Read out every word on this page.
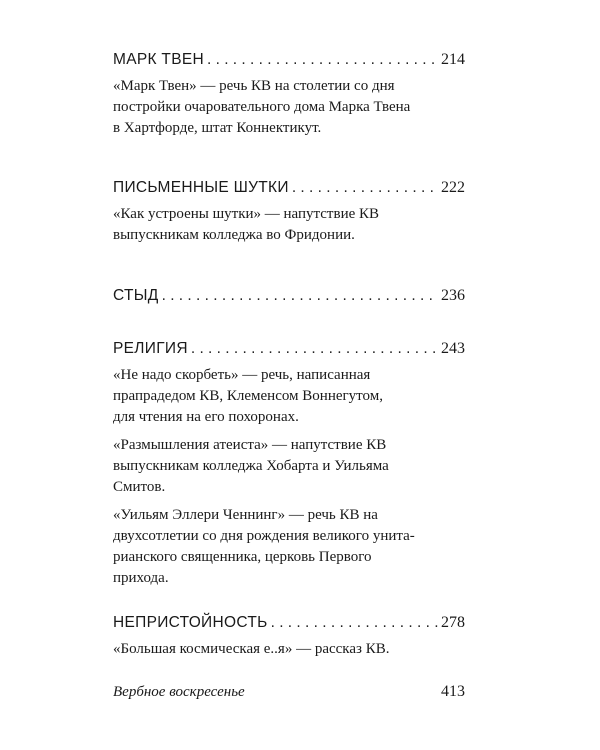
МАРК ТВЕН . . .	214
«Марк Твен» — речь КВ на столетии со дня
постройки очаровательного дома Марка Твена
в Хартфорде, штат Коннектикут.
ПИСЬМЕННЫЕ ШУТКИ . . .	222
«Как устроены шутки» — напутствие КВ
выпускникам колледжа во Фридонии.
СТЫД . . .	236
РЕЛИГИЯ . . .	243
«Не надо скорбеть» — речь, написанная
прапрадедом КВ, Клеменсом Воннегутом,
для чтения на его похоронах.
«Размышления атеиста» — напутствие КВ
выпускникам колледжа Хобарта и Уильяма
Смитов.
«Уильям Эллери Ченнинг» — речь КВ на
двухсотлетии со дня рождения великого унита-
рианского священника, церковь Первого
прихода.
НЕПРИСТОЙНОСТЬ . . .	278
«Большая космическая е..я» — рассказ КВ.
Вербное воскресенье	413
